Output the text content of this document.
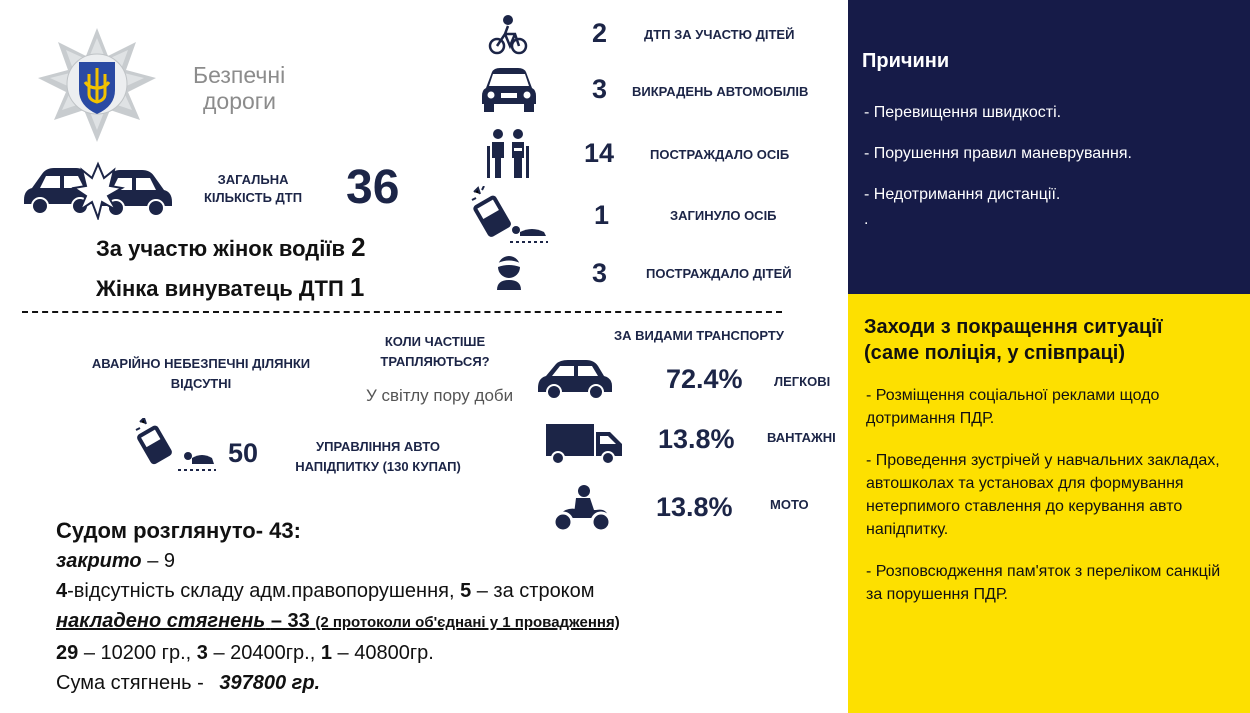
Безпечні
дороги
ЗАГАЛЬНА
КІЛЬКІСТЬ ДТП 36
За участю жінок водіїв 2
Жінка винуватець ДТП 1
2	ДТП ЗА УЧАСТЮ ДІТЕЙ
3 ВИКРАДЕНЬ АВТОМОБІЛІВ
14	ПОСТРАЖДАЛО ОСІБ
1	ЗАГИНУЛО ОСІБ
3	ПОСТРАЖДАЛО ДІТЕЙ
АВАРІЙНО НЕБЕЗПЕЧНІ ДІЛЯНКИ
ВІДСУТНІ
КОЛИ ЧАСТІШЕ
ТРАПЛЯЮТЬСЯ?
У світлу пору доби
50	УПРАВЛІННЯ АВТО
НАПІДПИТКУ (130 КУПАП)
ЗА ВИДАМИ ТРАНСПОРТУ
72.4% ЛЕГКОВІ
13.8% ВАНТАЖНІ
13.8%	МОТО
Судом розглянуто- 43:
закрито – 9
4-відсутність складу адм.правопорушення, 5 – за строком
накладено стягнень – 33 (2 протоколи об'єднані у 1 провадження)
29 – 10200 гр., 3 – 20400гр., 1 – 40800гр.
Сума стягнень - 397800 гр.
Причини
- Перевищення швидкості.
- Порушення правил маневрування.
- Недотримання дистанції.
.
Заходи з покращення ситуації
(саме поліція, у співпраці)
- Розміщення соціальної реклами щодо дотримання ПДР.
- Проведення зустрічей у навчальних закладах, автошколах та установах для формування нетерпимого ставлення до керування авто напідпитку.
- Розповсюдження пам'яток з переліком санкцій за порушення ПДР.
